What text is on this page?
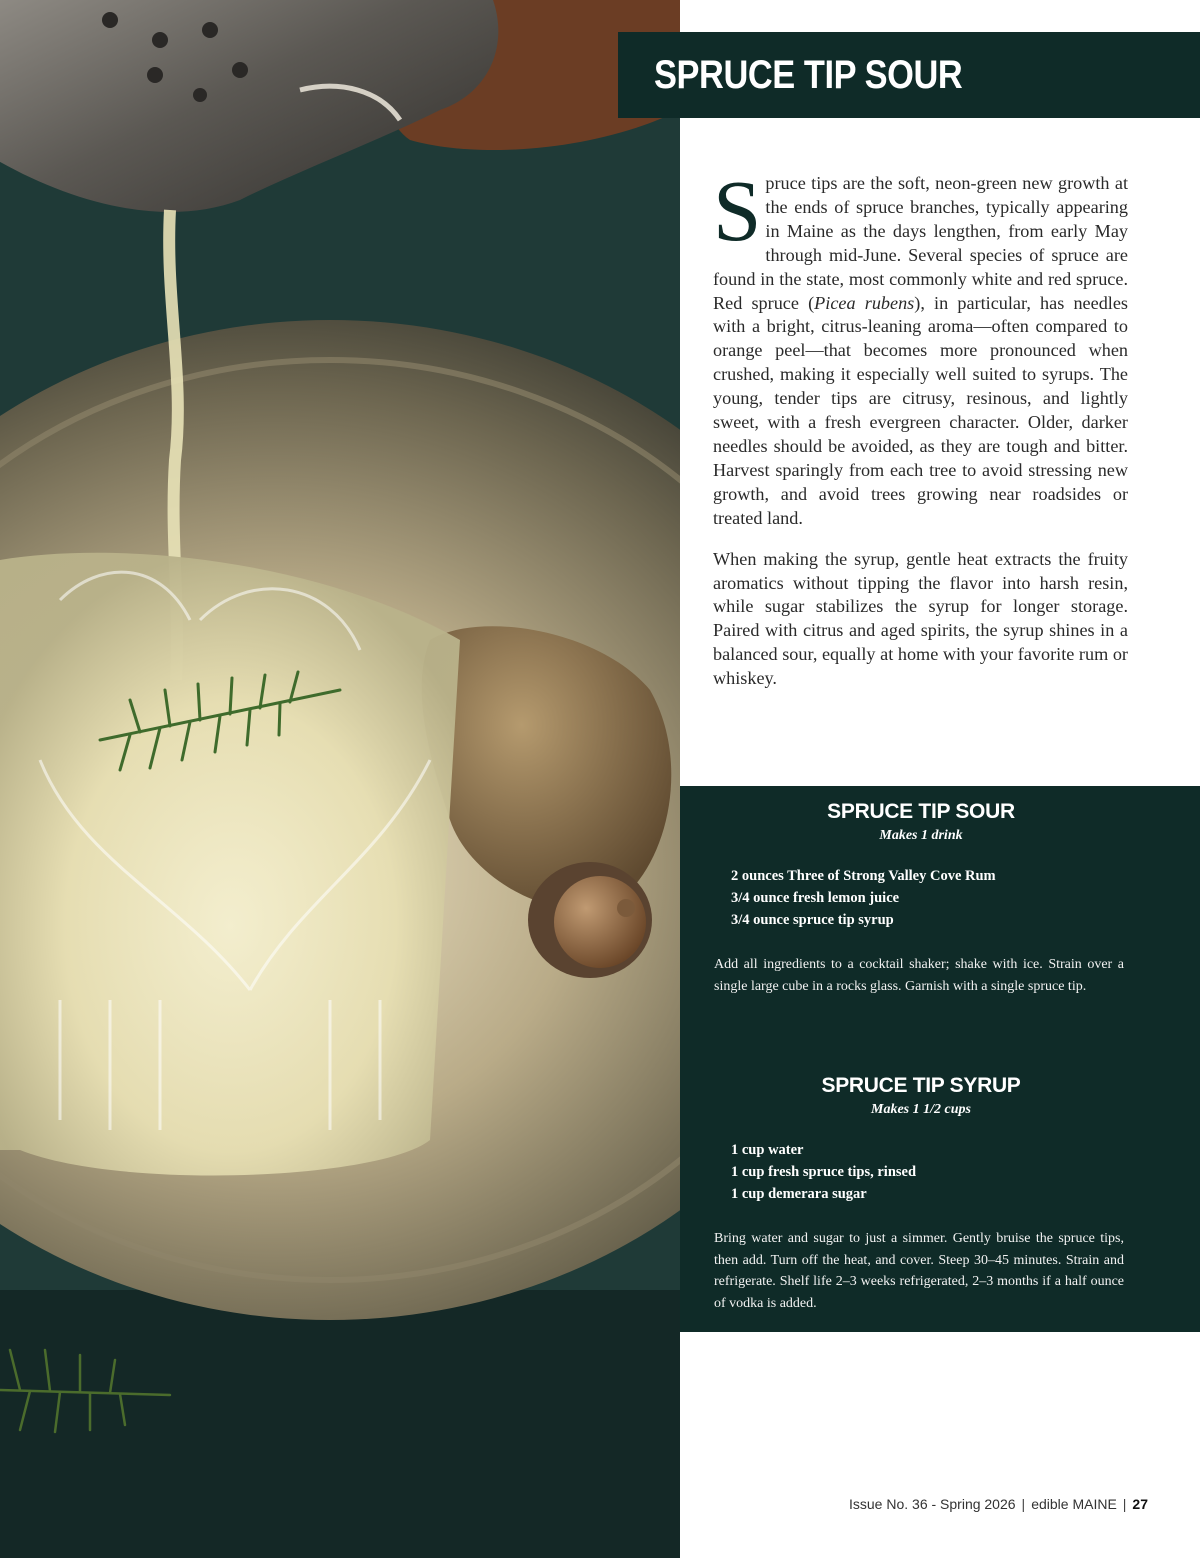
SPRUCE TIP SOUR

Spruce tips are the soft, neon-green new growth at the ends of spruce branches, typically appearing in Maine as the days lengthen, from early May through mid-June. Several species of spruce are found in the state, most commonly white and red spruce. Red spruce (Picea rubens), in particular, has needles with a bright, citrus-leaning aroma—often compared to orange peel—that becomes more pronounced when crushed, making it especially well suited to syrups. The young, tender tips are citrusy, resinous, and lightly sweet, with a fresh evergreen character. Older, darker needles should be avoided, as they are tough and bitter. Harvest sparingly from each tree to avoid stressing new growth, and avoid trees growing near roadsides or treated land.

When making the syrup, gentle heat extracts the fruity aromatics without tipping the flavor into harsh resin, while sugar stabilizes the syrup for longer storage. Paired with citrus and aged spirits, the syrup shines in a balanced sour, equally at home with your favorite rum or whiskey.

SPRUCE TIP SOUR
Makes 1 drink
2 ounces Three of Strong Valley Cove Rum
3/4 ounce fresh lemon juice
3/4 ounce spruce tip syrup

Add all ingredients to a cocktail shaker; shake with ice. Strain over a single large cube in a rocks glass. Garnish with a single spruce tip.

SPRUCE TIP SYRUP
Makes 1 1/2 cups
1 cup water
1 cup fresh spruce tips, rinsed
1 cup demerara sugar

Bring water and sugar to just a simmer. Gently bruise the spruce tips, then add. Turn off the heat, and cover. Steep 30–45 minutes. Strain and refrigerate. Shelf life 2–3 weeks refrigerated, 2–3 months if a half ounce of vodka is added.

Issue No. 36 - Spring 2026 | edible MAINE | 27
